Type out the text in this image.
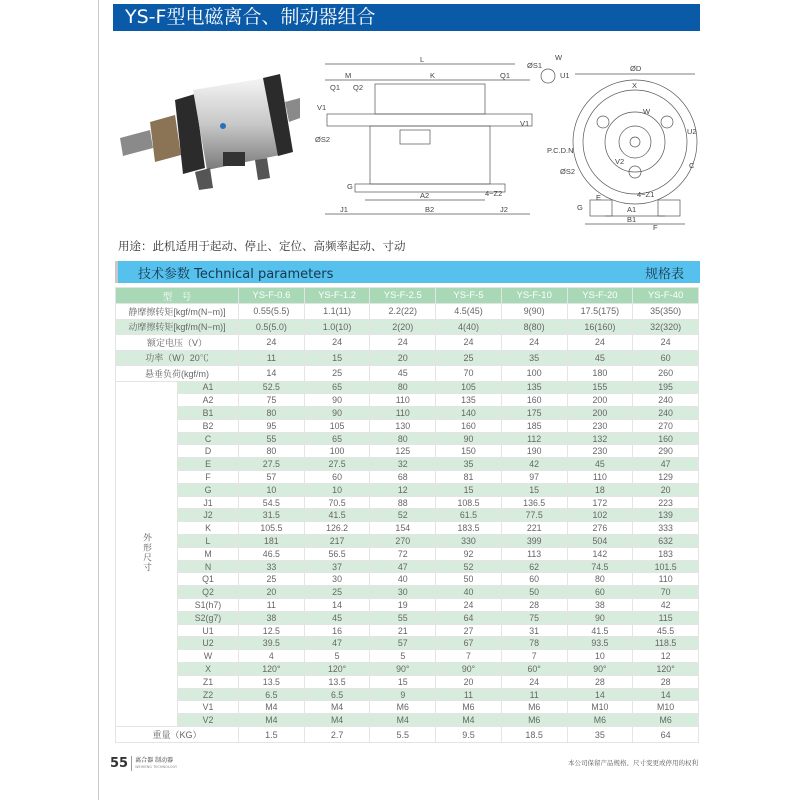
YS-F型电磁离合、制动器组合
L
M	K	Q1
Q1 Q2
V1
V1
ØS2
G
A2	4−Z2
J1	B2	J2
ØS1
W
U1
ØD
X
W
U2
P.C.D.N
V2
ØS2
C
G
E
A1
4−Z1
B1
F
用途：此机适用于起动、停止、定位、高频率起动、寸动
技术参数 Technical parameters	规格表
型　号		YS-F-0.6	YS-F-1.2	YS-F-2.5	YS-F-5	YS-F-10	YS-F-20	YS-F-40
静摩擦转矩[kgf/m(N−m)]		0.55(5.5)	1.1(11)	2.2(22)	4.5(45)	9(90)	17.5(175)	35(350)
动摩擦转矩[kgf/m(N−m)]		0.5(5.0)	1.0(10)	2(20)	4(40)	8(80)	16(160)	32(320)
额定电压（V）		24	24	24	24	24	24	24
功率（W）20℃		11	15	20	25	35	45	60
悬垂负荷(kgf/m)		14	25	45	70	100	180	260
外形尺寸	A1	52.5	65	80	105	135	155	195
	A2	75	90	110	135	160	200	240
	B1	80	90	110	140	175	200	240
	B2	95	105	130	160	185	230	270
	C	55	65	80	90	112	132	160
	D	80	100	125	150	190	230	290
	E	27.5	27.5	32	35	42	45	47
	F	57	60	68	81	97	110	129
	G	10	10	12	15	15	18	20
	J1	54.5	70.5	88	108.5	136.5	172	223
	J2	31.5	41.5	52	61.5	77.5	102	139
	K	105.5	126.2	154	183.5	221	276	333
	L	181	217	270	330	399	504	632
	M	46.5	56.5	72	92	113	142	183
	N	33	37	47	52	62	74.5	101.5
	Q1	25	30	40	50	60	80	110
	Q2	20	25	30	40	50	60	70
	S1(h7)	11	14	19	24	28	38	42
	S2(g7)	38	45	55	64	75	90	115
	U1	12.5	16	21	27	31	41.5	45.5
	U2	39.5	47	57	67	78	93.5	118.5
	W	4	5	5	7	7	10	12
	X	120°	120°	90°	90°	60°	90°	120°
	Z1	13.5	13.5	15	20	24	28	28
	Z2	6.5	6.5	9	11	11	14	14
	V1	M4	M4	M6	M6	M6	M10	M10
	V2	M4	M4	M4	M4	M6	M6	M6
重量（KG）		1.5	2.7	5.5	9.5	18.5	35	64
55	离合器 制动器
WEIHENG TECHNOLOGY	本公司保留产品规格、尺寸变更或停用的权利
